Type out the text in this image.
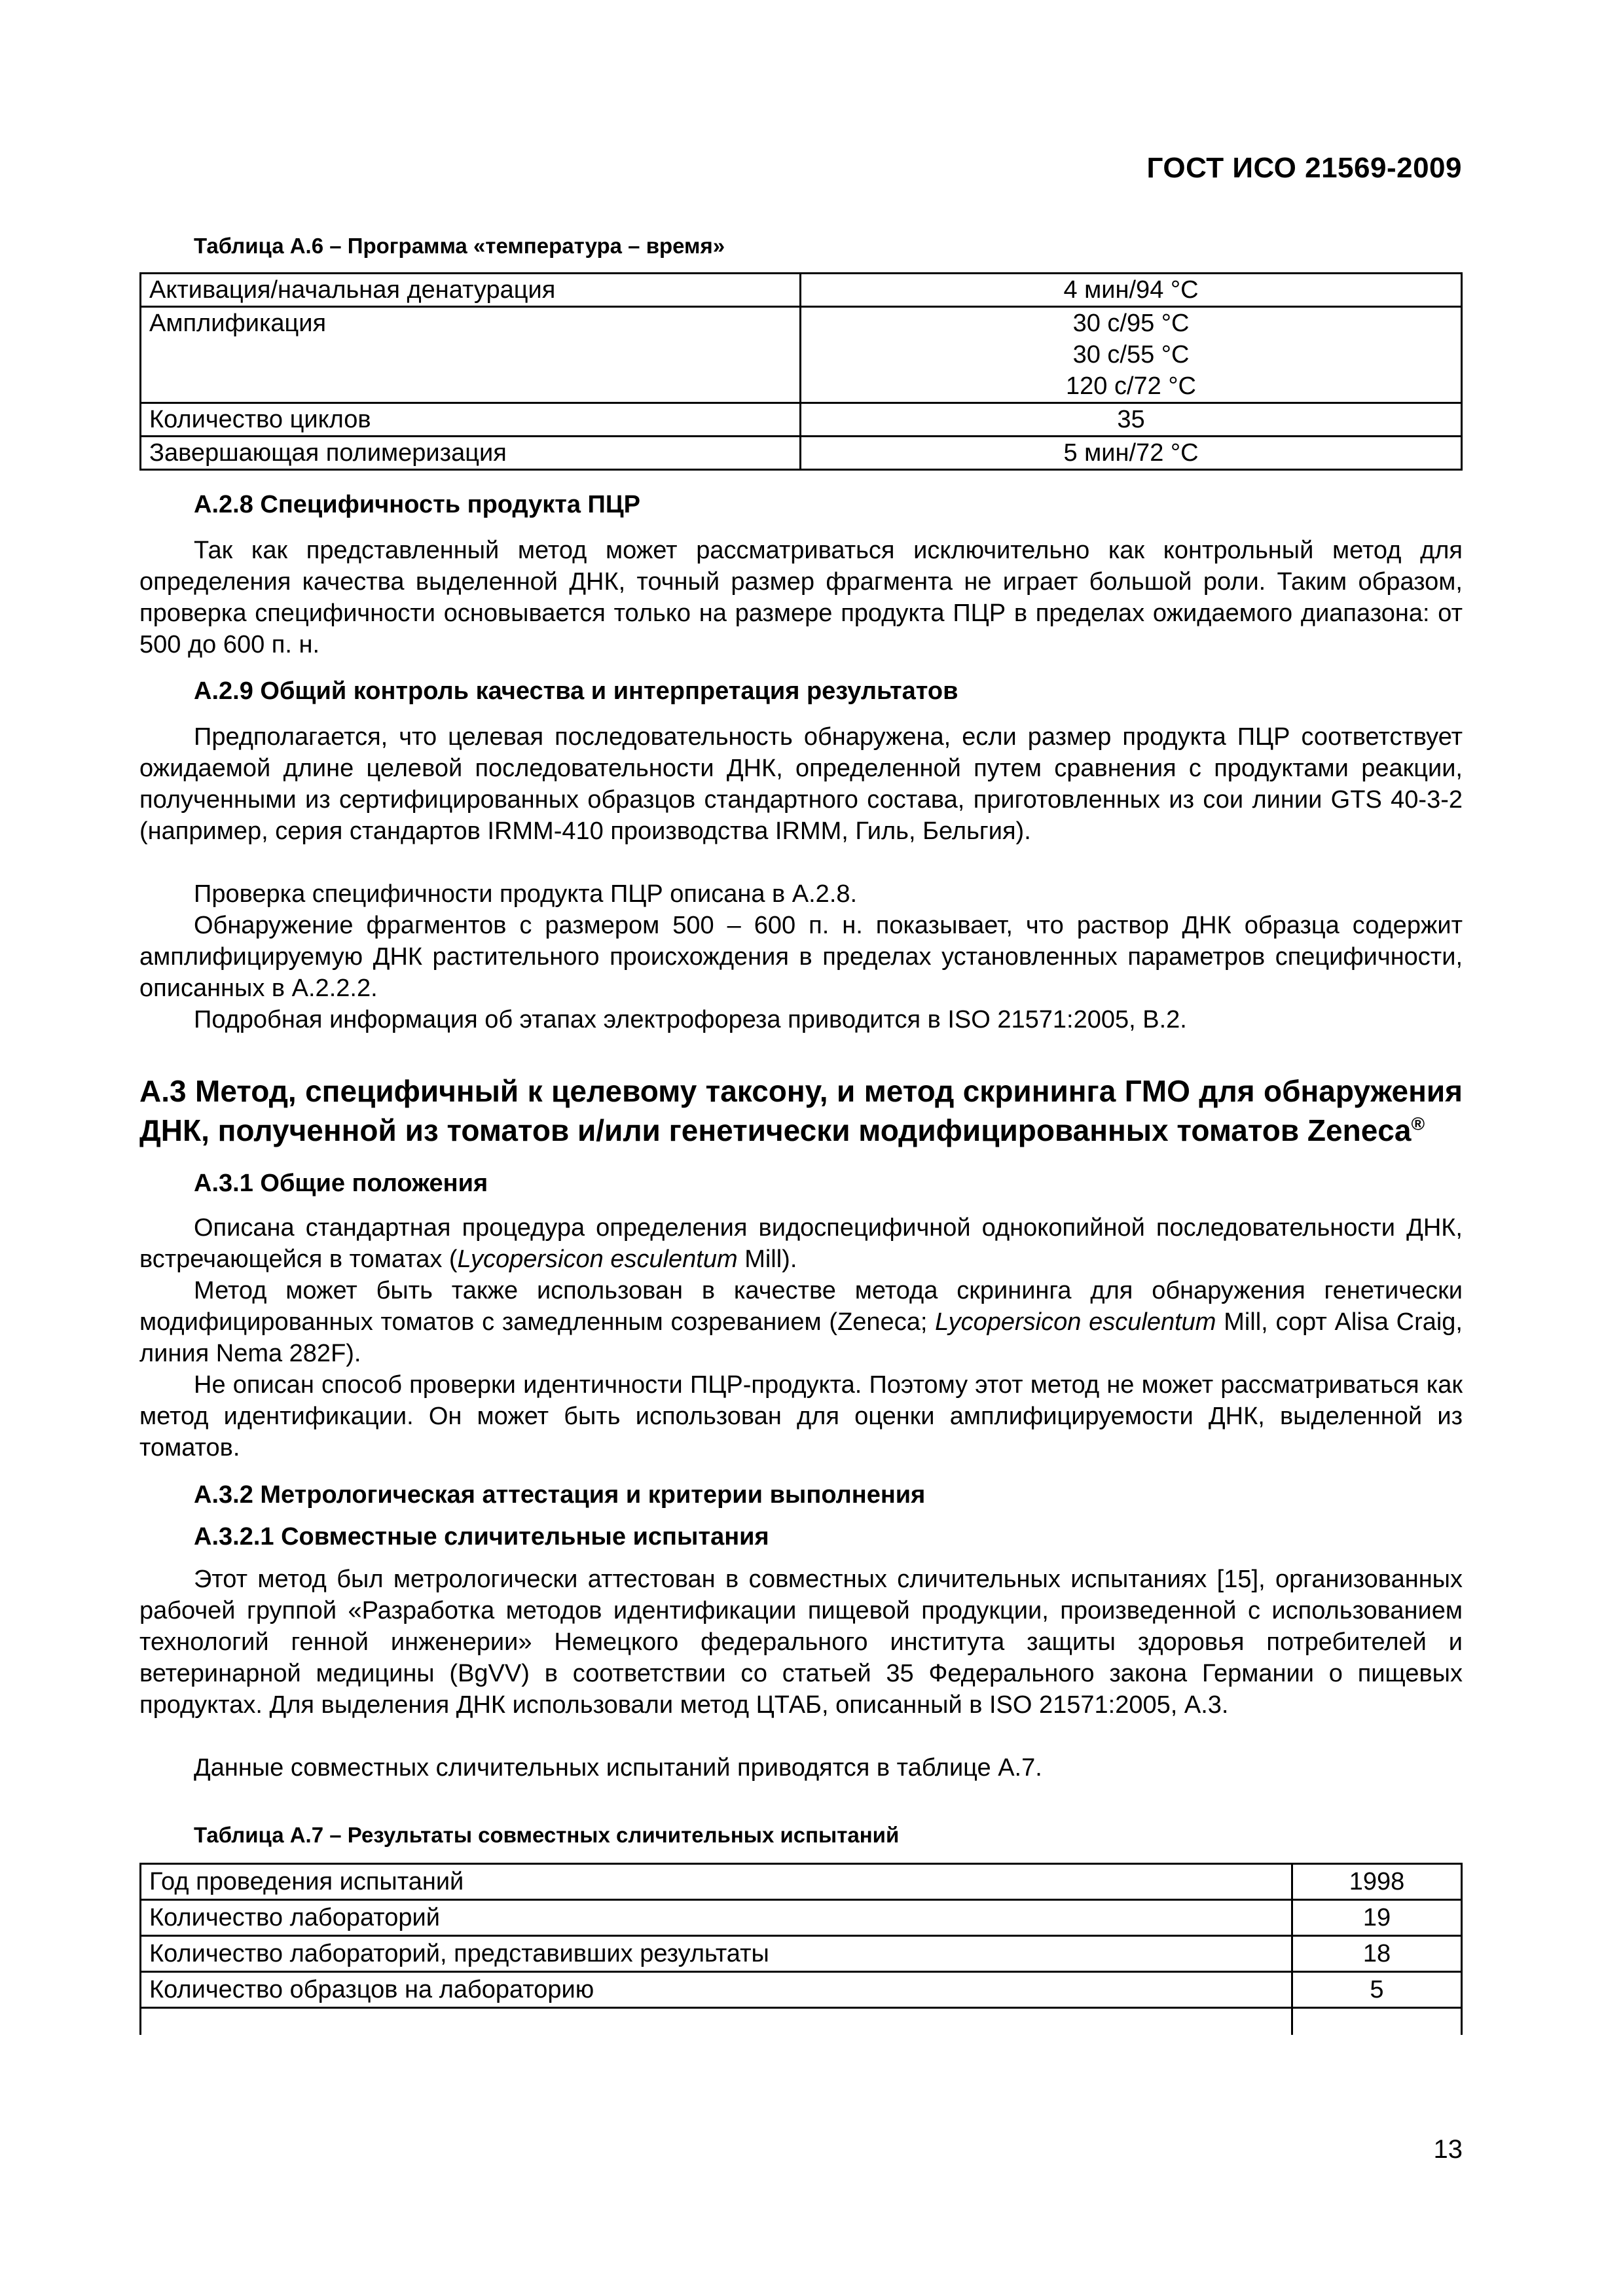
ГОСТ ИСО 21569-2009
Таблица А.6 – Программа «температура – время»
Активация/начальная денатурация	4 мин/94 °С
Амплификация	30 с/95 °С
30 с/55 °С
120 с/72 °С

Количество циклов	35
Завершающая полимеризация	5 мин/72 °С
А.2.8 Специфичность продукта ПЦР

Так как представленный метод может рассматриваться исключительно как контрольный метод для определения качества выделенной ДНК, точный размер фрагмента не играет большой роли. Таким образом, проверка специфичности основывается только на размере продукта ПЦР в пределах ожидаемого диапазона: от 500 до 600 п. н.

А.2.9 Общий контроль качества и интерпретация результатов

Предполагается, что целевая последовательность обнаружена, если размер продукта ПЦР соответствует ожидаемой длине целевой последовательности ДНК, определенной путем сравнения с продуктами реакции, полученными из сертифицированных образцов стандартного состава, приготовленных из сои линии GTS 40-3-2 (например, серия стандартов IRMM-410 производства IRMM, Гиль, Бельгия).

Проверка специфичности продукта ПЦР описана в А.2.8.

Обнаружение фрагментов с размером 500 – 600 п. н. показывает, что раствор ДНК образца содержит амплифицируемую ДНК растительного происхождения в пределах установленных параметров специфичности, описанных в А.2.2.2.

Подробная информация об этапах электрофореза приводится в ISO 21571:2005, В.2.

А.3 Метод, специфичный к целевому таксону, и метод скрининга ГМО для обнаружения ДНК, полученной из томатов и/или генетически модифицированных томатов Zeneca®
А.3.1 Общие положения

Описана стандартная процедура определения видоспецифичной однокопийной последовательности ДНК, встречающейся в томатах (Lycopersicon esculentum Mill).

Метод может быть также использован в качестве метода скрининга для обнаружения генетически модифицированных томатов с замедленным созреванием (Zeneca; Lycopersicon esculentum Mill, сорт Alisa Craig, линия Nema 282F).

Не описан способ проверки идентичности ПЦР-продукта. Поэтому этот метод не может рассматриваться как метод идентификации. Он может быть использован для оценки амплифицируемости ДНК, выделенной из томатов.

А.3.2 Метрологическая аттестация и критерии выполнения
А.3.2.1 Совместные сличительные испытания

Этот метод был метрологически аттестован в совместных сличительных испытаниях [15], организованных рабочей группой «Разработка методов идентификации пищевой продукции, произведенной с использованием технологий генной инженерии» Немецкого федерального института защиты здоровья потребителей и ветеринарной медицины (BgVV) в соответствии со статьей 35 Федерального закона Германии о пищевых продуктах. Для выделения ДНК использовали метод ЦТАБ, описанный в ISO 21571:2005, А.3.

Данные совместных сличительных испытаний приводятся в таблице А.7.

Таблица А.7 – Результаты совместных сличительных испытаний
Год проведения испытаний	1998
Количество лабораторий	19
Количество лабораторий, представивших результаты	18
Количество образцов на лабораторию	5

13
